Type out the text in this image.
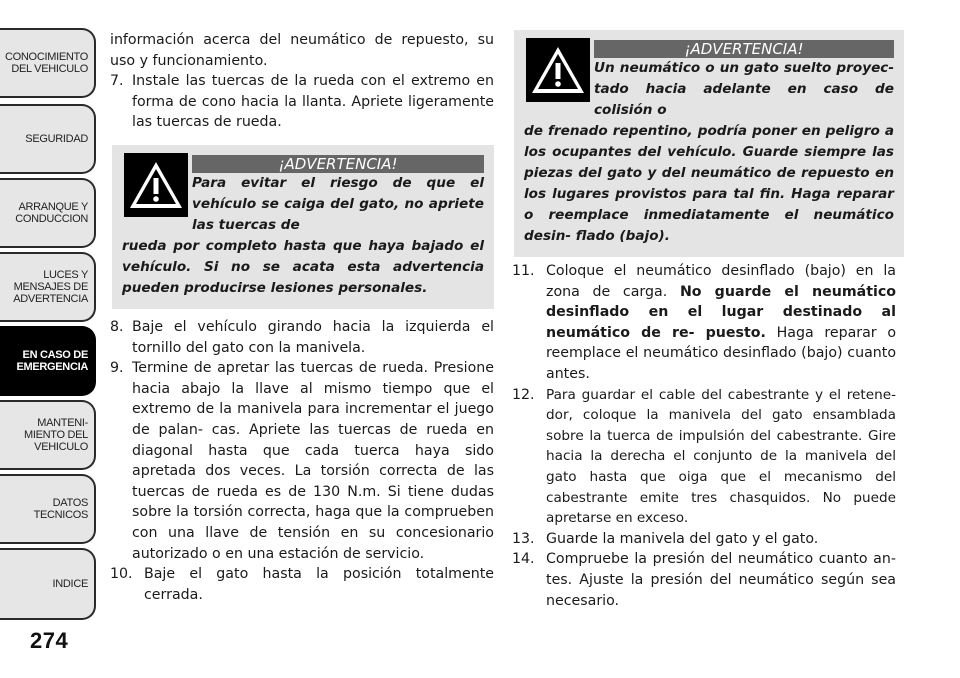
CONOCIMIENTO
DEL VEHICULO
SEGURIDAD
ARRANQUE Y
CONDUCCION
LUCES Y
MENSAJES DE
ADVERTENCIA
EN CASO DE
EMERGENCIA
MANTENI-
MIENTO DEL
VEHICULO
DATOS
TECNICOS
INDICE
274

información acerca del neumático de repuesto, su uso y funcionamiento.

7. Instale las tuercas de la rueda con el extremo en forma de cono hacia la llanta. Apriete ligeramente las tuercas de rueda.
¡ADVERTENCIA!
Para evitar el riesgo de que el vehículo se caiga del gato, no apriete las tuercas de
rueda por completo hasta que haya bajado el vehículo. Si no se acata esta advertencia pueden producirse lesiones personales.
8. Baje el vehículo girando hacia la izquierda el tornillo del gato con la manivela.
9. Termine de apretar las tuercas de rueda. Presione hacia abajo la llave al mismo tiempo que el extremo de la manivela para incrementar el juego de palan- cas. Apriete las tuercas de rueda en diagonal hasta que cada tuerca haya sido apretada dos veces. La torsión correcta de las tuercas de rueda es de 130 N.m. Si tiene dudas sobre la torsión correcta, haga que la comprueben con una llave de tensión en su concesionario autorizado o en una estación de servicio.
10. Baje el gato hasta la posición totalmente cerrada.
¡ADVERTENCIA!
Un neumático o un gato suelto proyec- tado hacia adelante en caso de colisión o
de frenado repentino, podría poner en peligro a los ocupantes del vehículo. Guarde siempre las piezas del gato y del neumático de repuesto en los lugares provistos para tal fin. Haga reparar o reemplace inmediatamente el neumático desin- flado (bajo).
11. Coloque el neumático desinflado (bajo) en la zona de carga. No guarde el neumático desinflado en el lugar destinado al neumático de re- puesto. Haga reparar o reemplace el neumático desinflado (bajo) cuanto antes.
12. Para guardar el cable del cabestrante y el retene- dor, coloque la manivela del gato ensamblada sobre la tuerca de impulsión del cabestrante. Gire hacia la derecha el conjunto de la manivela del gato hasta que oiga que el mecanismo del cabestrante emite tres chasquidos. No puede apretarse en exceso.
13. Guarde la manivela del gato y el gato.
14. Compruebe la presión del neumático cuanto an- tes. Ajuste la presión del neumático según sea necesario.
